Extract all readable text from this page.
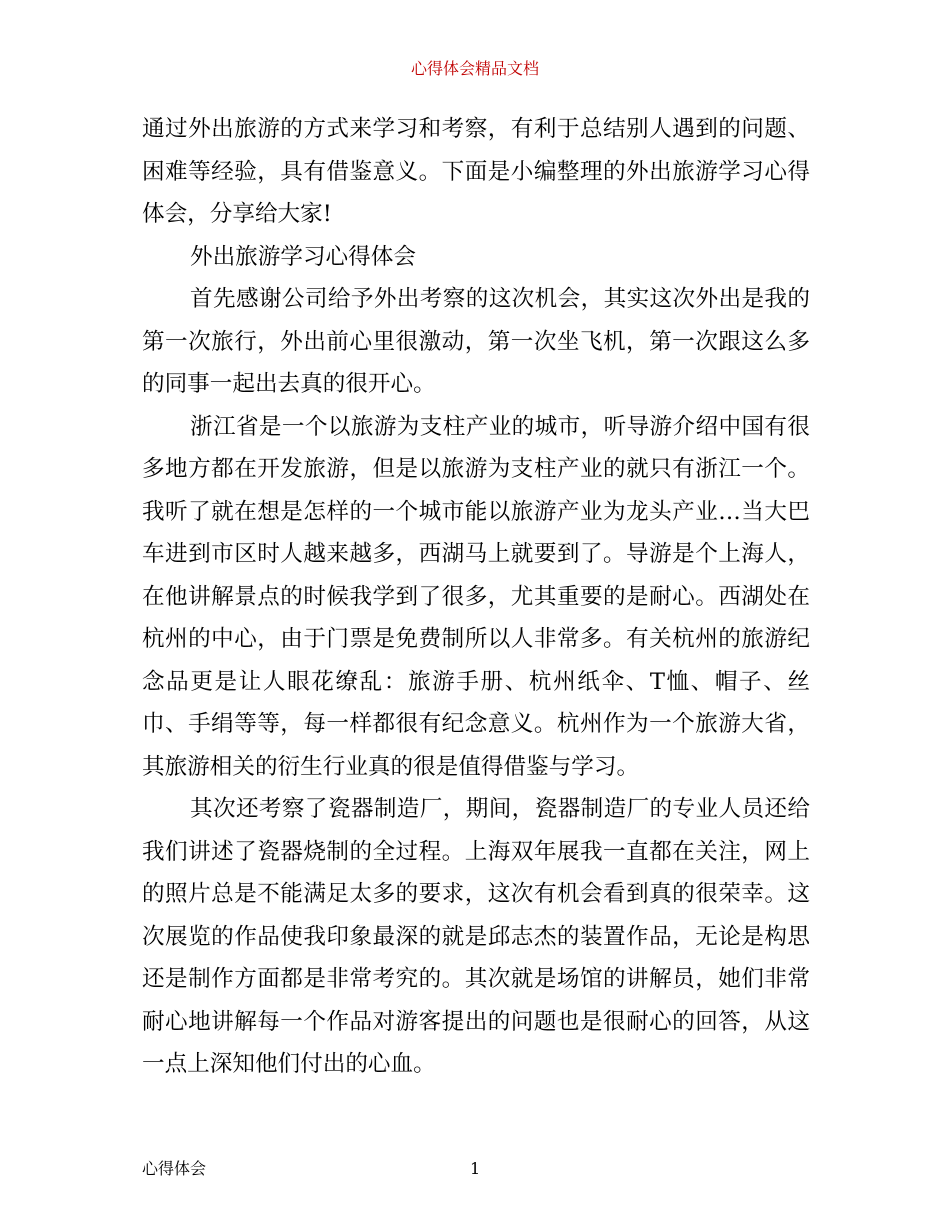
心得体会精品文档

通过外出旅游的方式来学习和考察，有利于总结别人遇到的问题、困难等经验，具有借鉴意义。下面是小编整理的外出旅游学习心得体会，分享给大家!

外出旅游学习心得体会

首先感谢公司给予外出考察的这次机会，其实这次外出是我的第一次旅行，外出前心里很激动，第一次坐飞机，第一次跟这么多的同事一起出去真的很开心。

浙江省是一个以旅游为支柱产业的城市，听导游介绍中国有很多地方都在开发旅游，但是以旅游为支柱产业的就只有浙江一个。我听了就在想是怎样的一个城市能以旅游产业为龙头产业…当大巴车进到市区时人越来越多，西湖马上就要到了。导游是个上海人，在他讲解景点的时候我学到了很多，尤其重要的是耐心。西湖处在杭州的中心，由于门票是免费制所以人非常多。有关杭州的旅游纪念品更是让人眼花缭乱：旅游手册、杭州纸伞、T恤、帽子、丝巾、手绢等等，每一样都很有纪念意义。杭州作为一个旅游大省，其旅游相关的衍生行业真的很是值得借鉴与学习。

其次还考察了瓷器制造厂，期间，瓷器制造厂的专业人员还给我们讲述了瓷器烧制的全过程。上海双年展我一直都在关注，网上的照片总是不能满足太多的要求，这次有机会看到真的很荣幸。这次展览的作品使我印象最深的就是邱志杰的装置作品，无论是构思还是制作方面都是非常考究的。其次就是场馆的讲解员，她们非常耐心地讲解每一个作品对游客提出的问题也是很耐心的回答，从这一点上深知他们付出的心血。

心得体会	1
